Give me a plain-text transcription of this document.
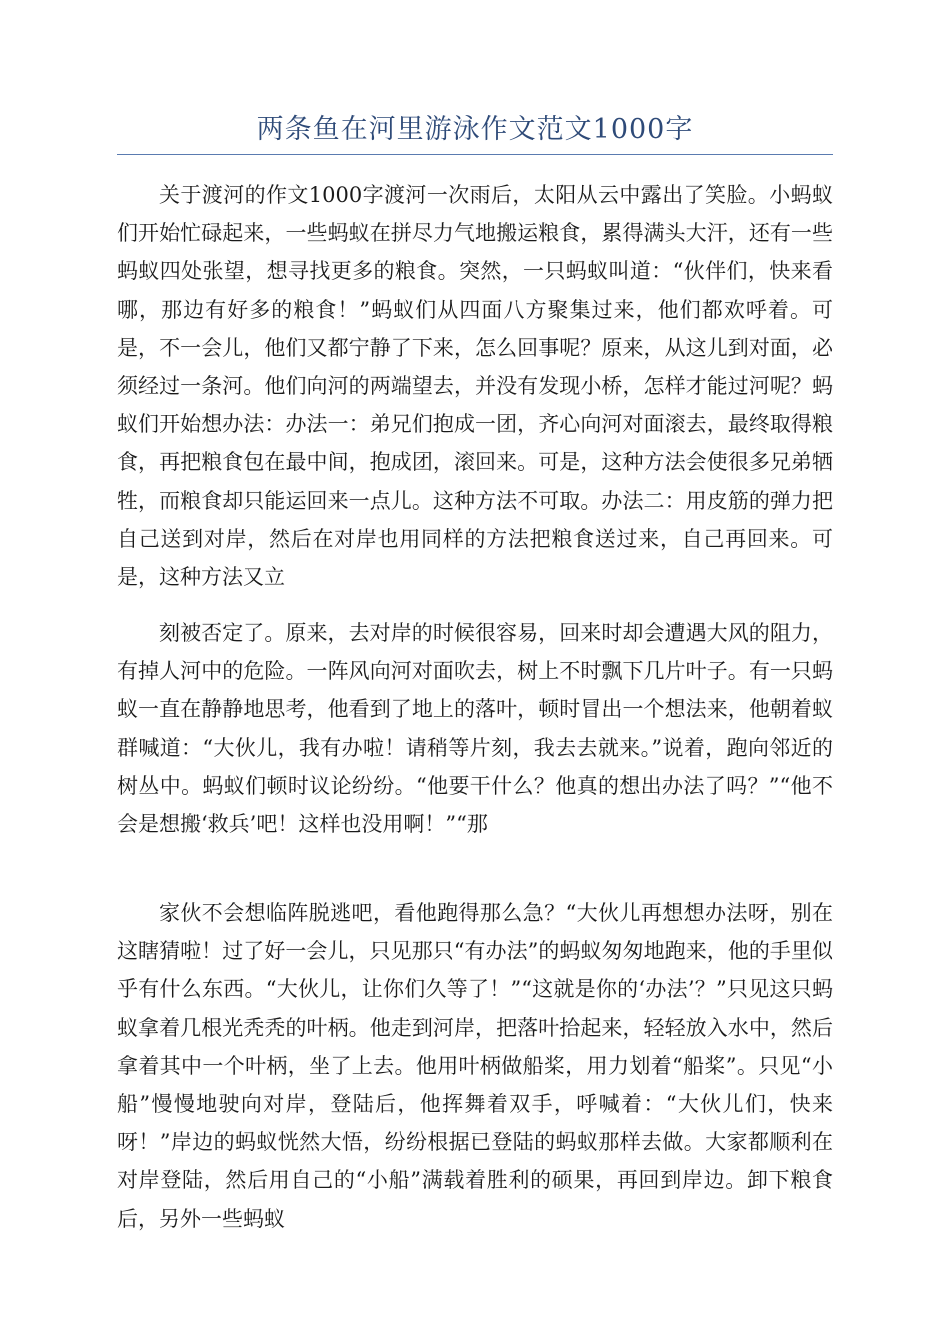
两条鱼在河里游泳作文范文1000字

关于渡河的作文1000字渡河一次雨后，太阳从云中露出了笑脸。小蚂蚁们开始忙碌起来，一些蚂蚁在拼尽力气地搬运粮食，累得满头大汗，还有一些蚂蚁四处张望，想寻找更多的粮食。突然，一只蚂蚁叫道：“伙伴们，快来看哪，那边有好多的粮食！”蚂蚁们从四面八方聚集过来，他们都欢呼着。可是，不一会儿，他们又都宁静了下来，怎么回事呢？原来，从这儿到对面，必须经过一条河。他们向河的两端望去，并没有发现小桥，怎样才能过河呢？蚂蚁们开始想办法：办法一：弟兄们抱成一团，齐心向河对面滚去，最终取得粮食，再把粮食包在最中间，抱成团，滚回来。可是，这种方法会使很多兄弟牺牲，而粮食却只能运回来一点儿。这种方法不可取。办法二：用皮筋的弹力把自己送到对岸，然后在对岸也用同样的方法把粮食送过来，自己再回来。可是，这种方法又立

刻被否定了。原来，去对岸的时候很容易，回来时却会遭遇大风的阻力，有掉人河中的危险。一阵风向河对面吹去，树上不时飘下几片叶子。有一只蚂蚁一直在静静地思考，他看到了地上的落叶，顿时冒出一个想法来，他朝着蚁群喊道：“大伙儿，我有办啦！请稍等片刻，我去去就来。”说着，跑向邻近的树丛中。蚂蚁们顿时议论纷纷。“他要干什么？他真的想出办法了吗？”“他不会是想搬‘救兵’吧！这样也没用啊！”“那

家伙不会想临阵脱逃吧，看他跑得那么急？“大伙儿再想想办法呀，别在这瞎猜啦！过了好一会儿，只见那只“有办法”的蚂蚁匆匆地跑来，他的手里似乎有什么东西。“大伙儿，让你们久等了！”“这就是你的‘办法’？”只见这只蚂蚁拿着几根光秃秃的叶柄。他走到河岸，把落叶拾起来，轻轻放入水中，然后拿着其中一个叶柄，坐了上去。他用叶柄做船桨，用力划着“船桨”。只见“小船”慢慢地驶向对岸，登陆后，他挥舞着双手，呼喊着：“大伙儿们，快来呀！”岸边的蚂蚁恍然大悟，纷纷根据已登陆的蚂蚁那样去做。大家都顺利在对岸登陆，然后用自己的“小船”满载着胜利的硕果，再回到岸边。卸下粮食后，另外一些蚂蚁
